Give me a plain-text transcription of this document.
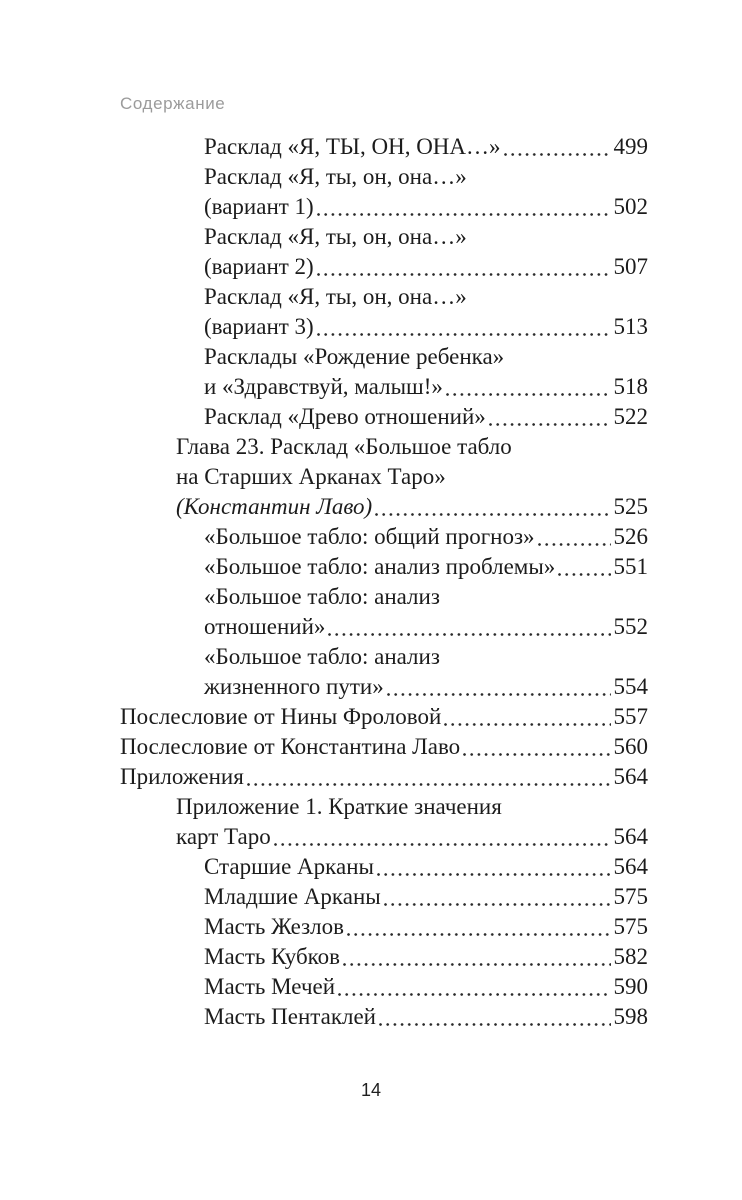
Содержание
Расклад «Я, ТЫ, ОН, ОНА…»	499
Расклад «Я, ты, он, она…»
(вариант 1)	502
Расклад «Я, ты, он, она…»
(вариант 2)	507
Расклад «Я, ты, он, она…»
(вариант 3)	513
Расклады «Рождение ребенка»
и «Здравствуй, малыш!»	518
Расклад «Древо отношений»	522
Глава 23. Расклад «Большое табло
на Старших Арканах Таро»
(Константин Лаво)	525
«Большое табло: общий прогноз»	526
«Большое табло: анализ проблемы»	551
«Большое табло: анализ
отношений»	552
«Большое табло: анализ
жизненного пути»	554
Послесловие от Нины Фроловой	557
Послесловие от Константина Лаво	560
Приложения	564
Приложение 1. Краткие значения
карт Таро	564
Старшие Арканы	564
Младшие Арканы	575
Масть Жезлов	575
Масть Кубков	582
Масть Мечей	590
Масть Пентаклей	598
14
